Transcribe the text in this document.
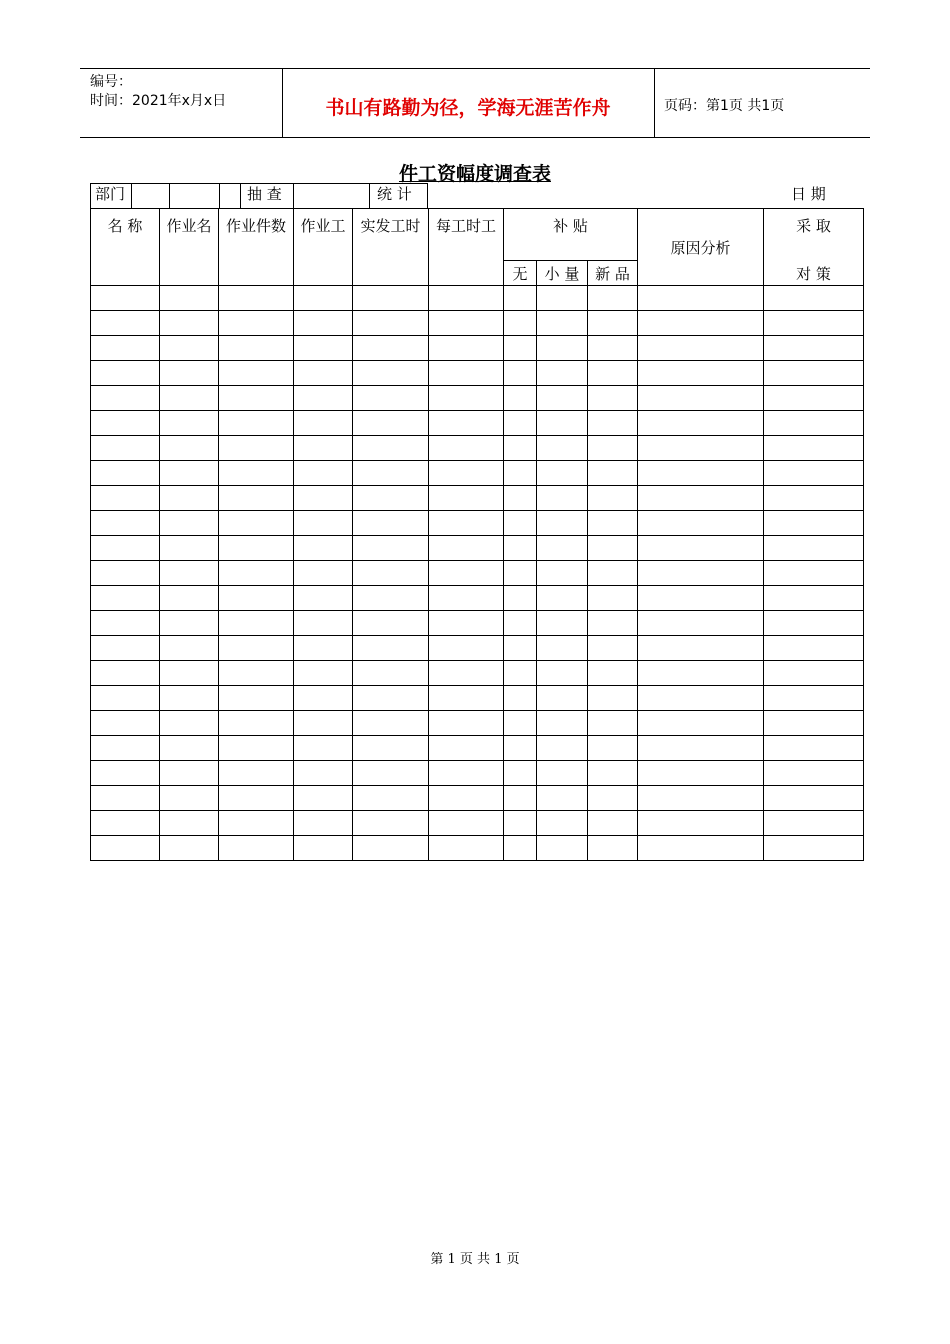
编号：
时间：2021年x月x日	书山有路勤为径，学海无涯苦作舟	页码：第1页 共1页
件工资幅度调查表
部门	抽 查	统 计	日 期
名 称	作业名	作业件数	作业工	实发工时	每工时工	补 贴			原因分析	采 取
对 策

						无	小 量	新 品		

第 1 页 共 1 页
